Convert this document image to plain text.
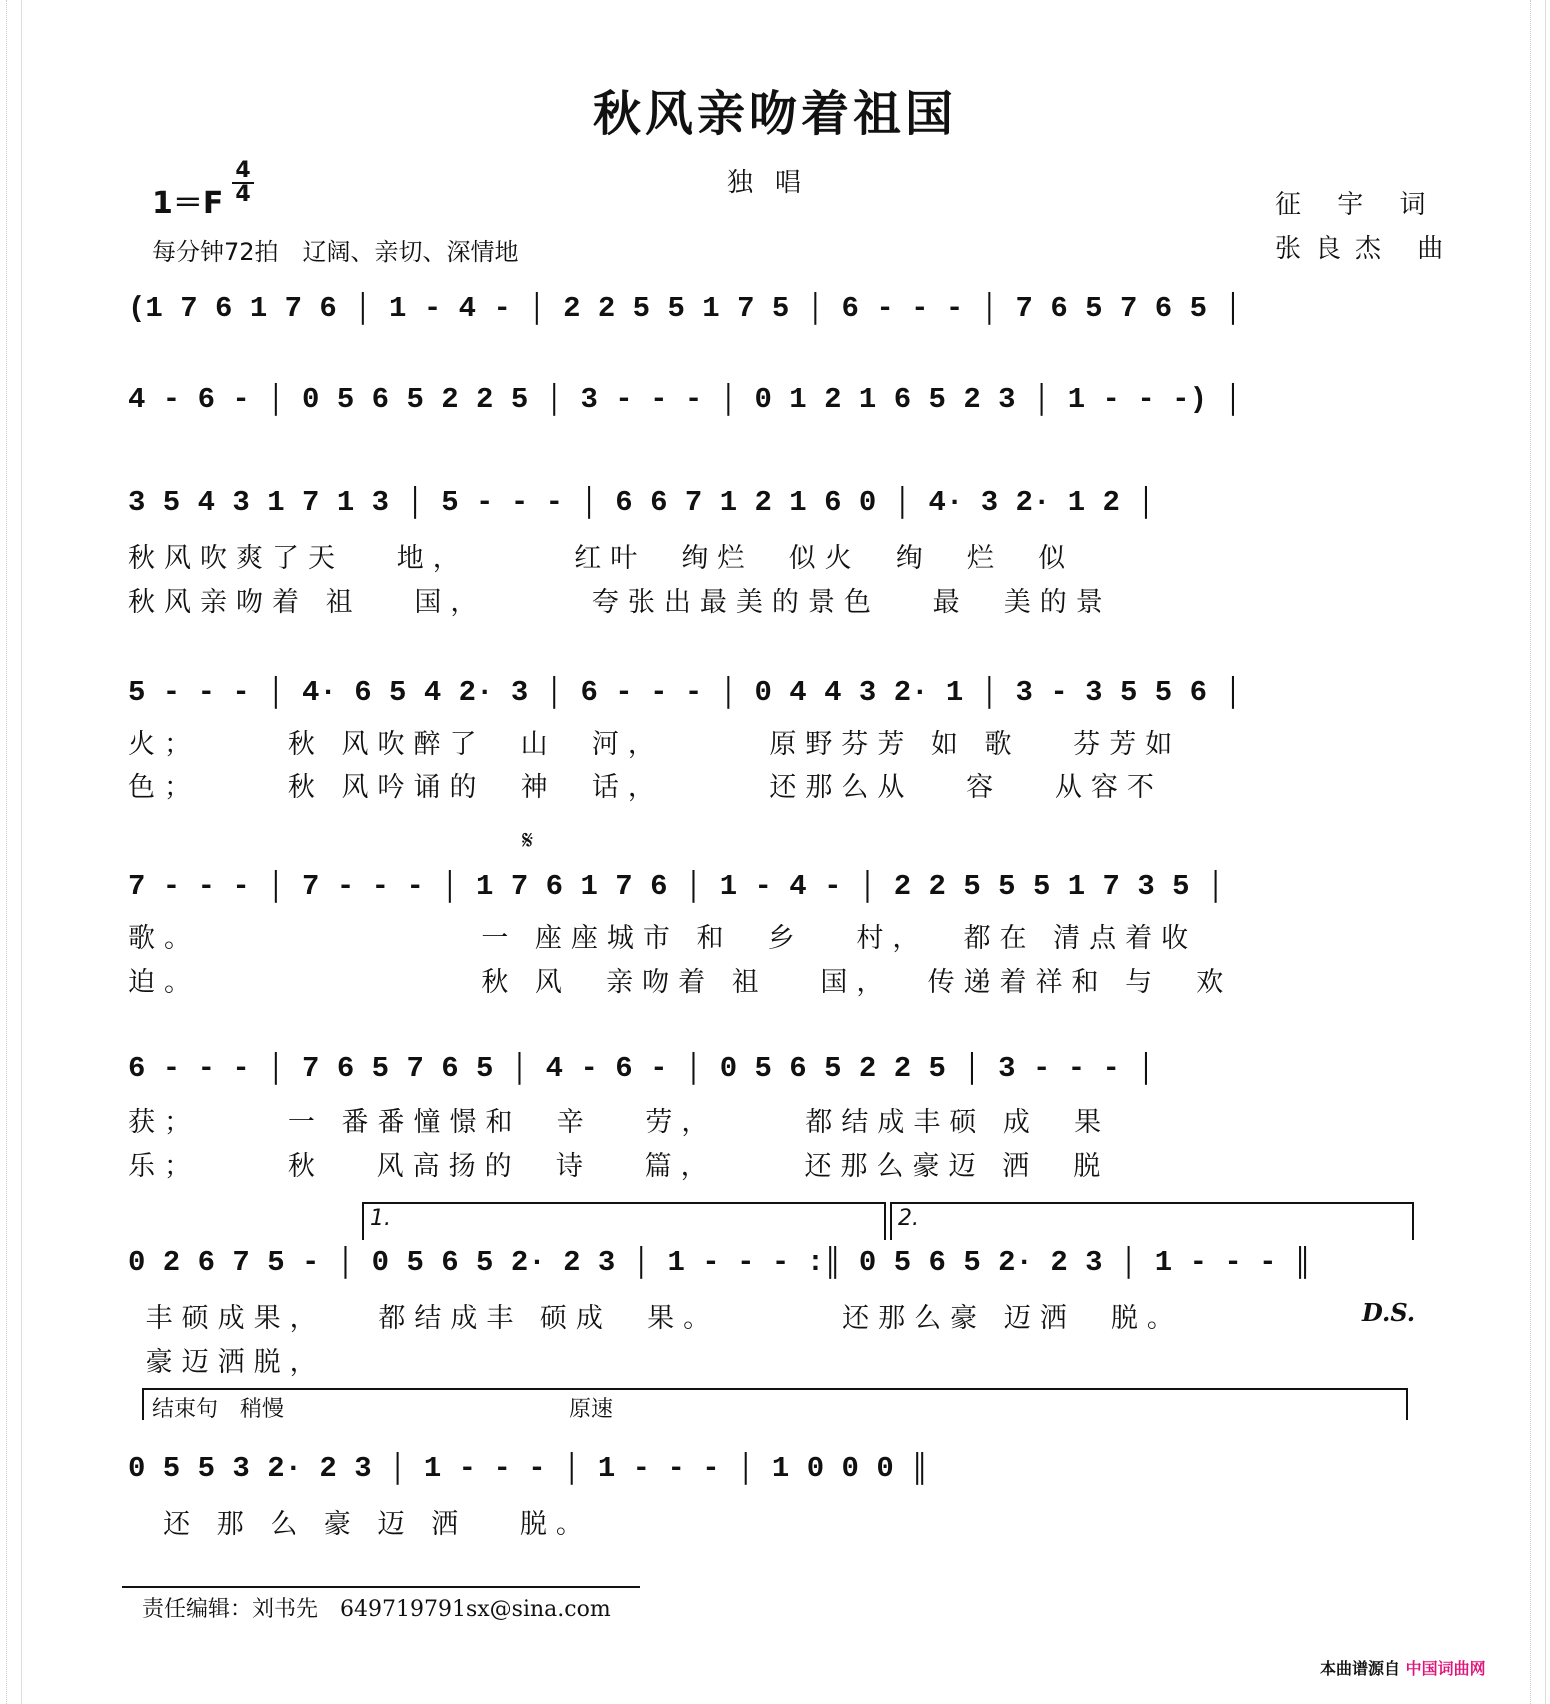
秋风亲吻着祖国
独唱
1＝F
4
4
每分钟72拍　辽阔、亲切、深情地
征 宇 词
张良杰 曲
(1 7 6 1 7 6 │ 1 - 4 - │ 2 2 5 5 1 7 5 │ 6 - - - │ 7 6 5 7 6 5 │
4 - 6 - │ 0 5 6 5 2 2 5 │ 3 - - - │ 0 1 2 1 6 5 2 3 │ 1 - - -) │
3 5 4 3 1 7 1 3 │ 5 - - - │ 6 6 7 1 2 1 6 0 │ 4· 3 2· 1 2 │
秋风吹爽了天   地，      红叶  绚烂  似火  绚  烂  似
秋风亲吻着 祖   国，      夸张出最美的景色   最  美的景
5 - - - │ 4· 6 5 4 2· 3 │ 6 - - - │ 0 4 4 3 2· 1 │ 3 - 3 5 5 6 │
火；     秋 风吹醉了  山  河，      原野芬芳 如 歌   芬芳如
色；     秋 风吟诵的  神  话，      还那么从   容   从容不
𝄋
7 - - - │ 7 - - - │ 1 7 6 1 7 6 │ 1 - 4 - │ 2 2 5 5 5 1 7 3 5 │
歌。                一 座座城市 和  乡   村，  都在 清点着收
迫。                秋 风  亲吻着 祖   国，  传递着祥和 与  欢
6 - - - │ 7 6 5 7 6 5 │ 4 - 6 - │ 0 5 6 5 2 2 5 │ 3 - - - │
获；     一 番番憧憬和  辛   劳，     都结成丰硕 成  果
乐；     秋   风高扬的  诗   篇，     还那么豪迈 洒  脱
1.	2.
0 2 6 7 5 - │ 0 5 6 5 2· 2 3 │ 1 - - - :║ 0 5 6 5 2· 2 3 │ 1 - - - ║
丰硕成果，   都结成丰 硕成  果。       还那么豪 迈洒  脱。
豪迈洒脱，
D.S.
结束句　稍慢	原速
0 5 5 3 2· 2 3 │ 1 - - - │ 1 - - - │ 1 0 0 0 ║
还 那 么 豪 迈 洒   脱。
责任编辑：刘书先　649719791sx@sina.com
本曲谱源自 中国词曲网
